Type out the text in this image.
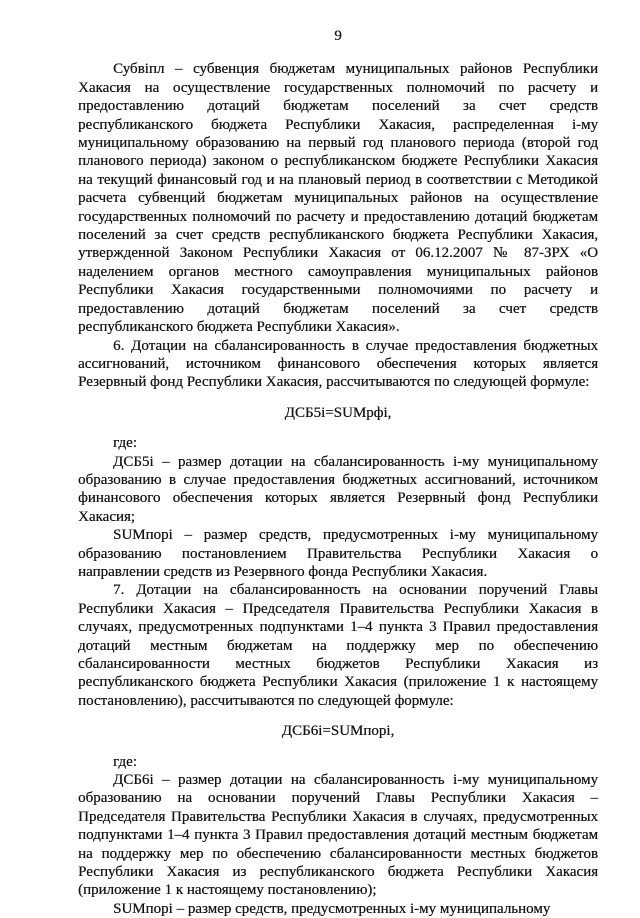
9

Субвiпл – субвенция бюджетам муниципальных районов Республики Хакасия на осуществление государственных полномочий по расчету и предоставлению дотаций бюджетам поселений за счет средств республиканского бюджета Республики Хакасия, распределенная i-му муниципальному образованию на первый год планового периода (второй год планового периода) законом о республиканском бюджете Республики Хакасия на текущий финансовый год и на плановый период в соответствии с Методикой расчета субвенций бюджетам муниципальных районов на осуществление государственных полномочий по расчету и предоставлению дотаций бюджетам поселений за счет средств республиканского бюджета Республики Хакасия, утвержденной Законом Республики Хакасия от 06.12.2007 № 87-ЗРХ «О наделением органов местного самоуправления муниципальных районов Республики Хакасия государственными полномочиями по расчету и предоставлению дотаций бюджетам поселений за счет средств республиканского бюджета Республики Хакасия».

6. Дотации на сбалансированность в случае предоставления бюджетных ассигнований, источником финансового обеспечения которых является Резервный фонд Республики Хакасия, рассчитываются по следующей формуле:

ДСБ5i=SUMрфi,

где:

ДСБ5i – размер дотации на сбалансированность i-му муниципальному образованию в случае предоставления бюджетных ассигнований, источником финансового обеспечения которых является Резервный фонд Республики Хакасия;

SUMпорi – размер средств, предусмотренных i-му муниципальному образованию постановлением Правительства Республики Хакасия о направлении средств из Резервного фонда Республики Хакасия.

7. Дотации на сбалансированность на основании поручений Главы Республики Хакасия – Председателя Правительства Республики Хакасия в случаях, предусмотренных подпунктами 1–4 пункта 3 Правил предоставления дотаций местным бюджетам на поддержку мер по обеспечению сбалансированности местных бюджетов Республики Хакасия из республиканского бюджета Республики Хакасия (приложение 1 к настоящему постановлению), рассчитываются по следующей формуле:

ДСБ6i=SUMпорi,

где:

ДСБ6i – размер дотации на сбалансированность i-му муниципальному образованию на основании поручений Главы Республики Хакасия – Председателя Правительства Республики Хакасия в случаях, предусмотренных подпунктами 1–4 пункта 3 Правил предоставления дотаций местным бюджетам на поддержку мер по обеспечению сбалансированности местных бюджетов Республики Хакасия из республиканского бюджета Республики Хакасия (приложение 1 к настоящему постановлению);

SUMпорi – размер средств, предусмотренных i-му муниципальному
